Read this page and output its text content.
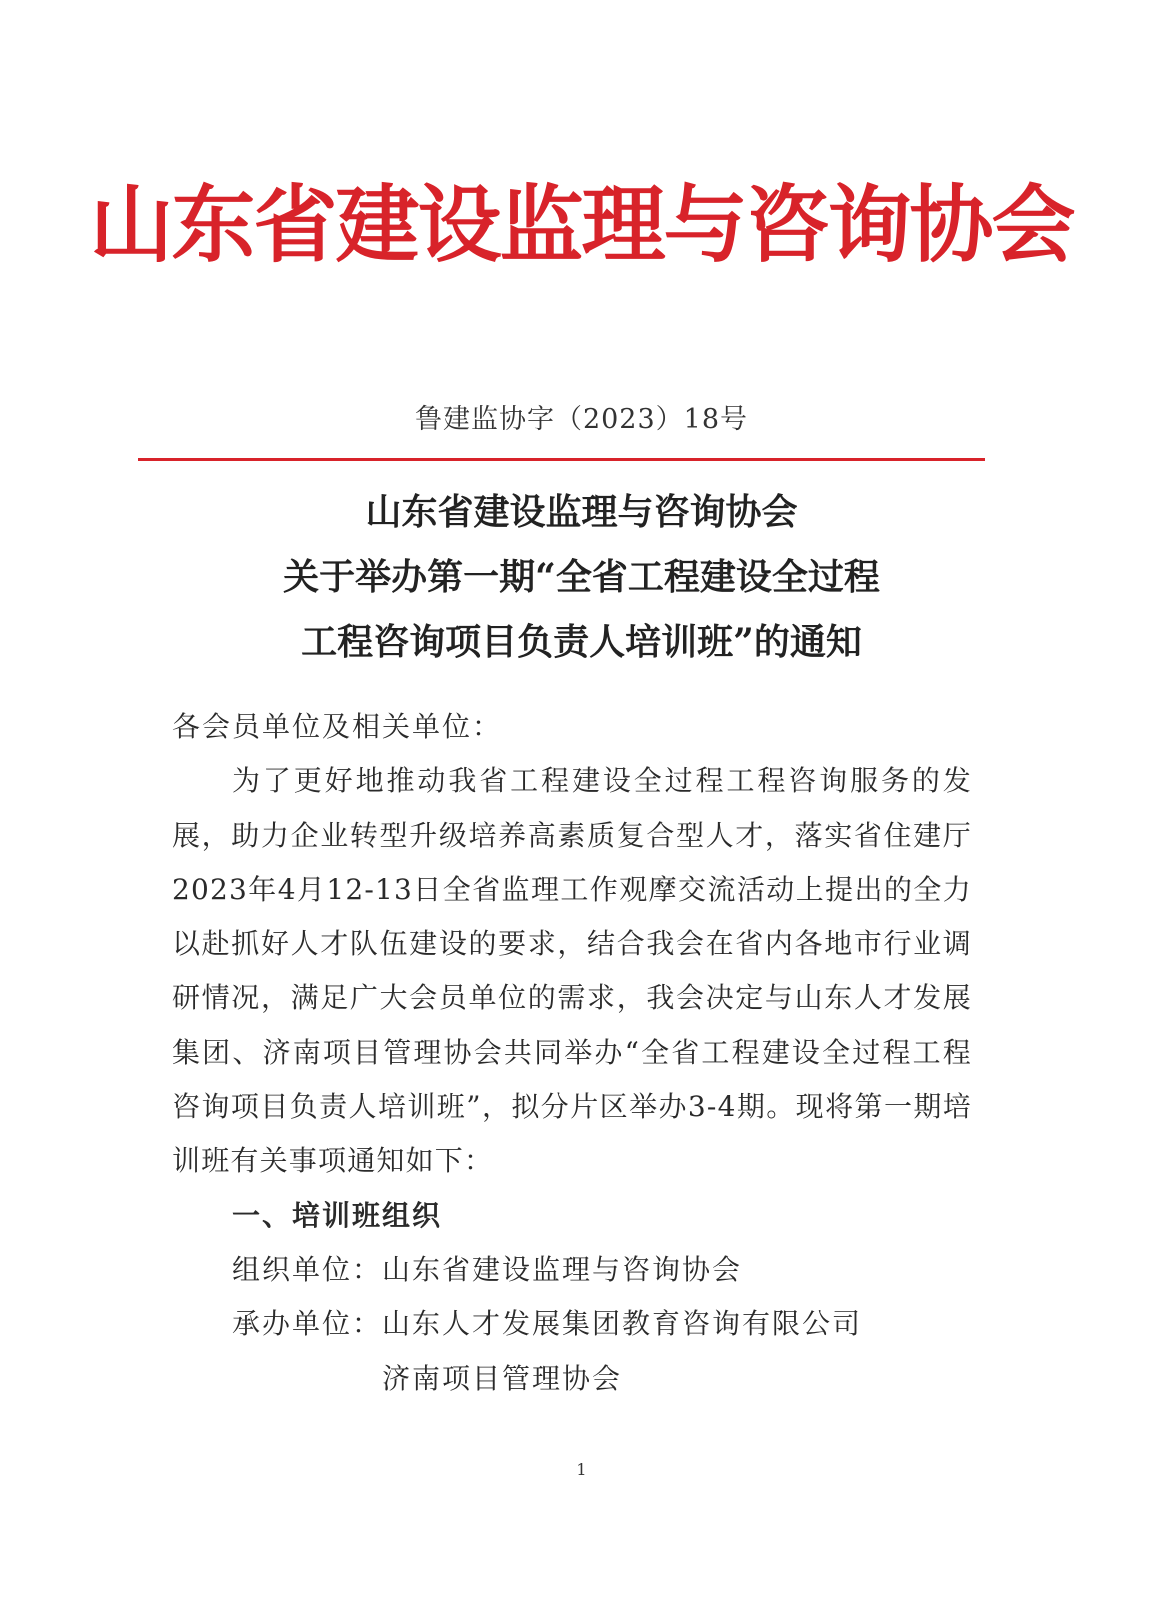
山东省建设监理与咨询协会
鲁建监协字（2023）18号
山东省建设监理与咨询协会
关于举办第一期“全省工程建设全过程
工程咨询项目负责人培训班”的通知

各会员单位及相关单位：

为了更好地推动我省工程建设全过程工程咨询服务的发展，助力企业转型升级培养高素质复合型人才，落实省住建厅2023年4月12-13日全省监理工作观摩交流活动上提出的全力以赴抓好人才队伍建设的要求，结合我会在省内各地市行业调研情况，满足广大会员单位的需求，我会决定与山东人才发展集团、济南项目管理协会共同举办“全省工程建设全过程工程咨询项目负责人培训班”，拟分片区举办3-4期。现将第一期培训班有关事项通知如下：

一、培训班组织

组织单位：山东省建设监理与咨询协会

承办单位：山东人才发展集团教育咨询有限公司

济南项目管理协会

1
